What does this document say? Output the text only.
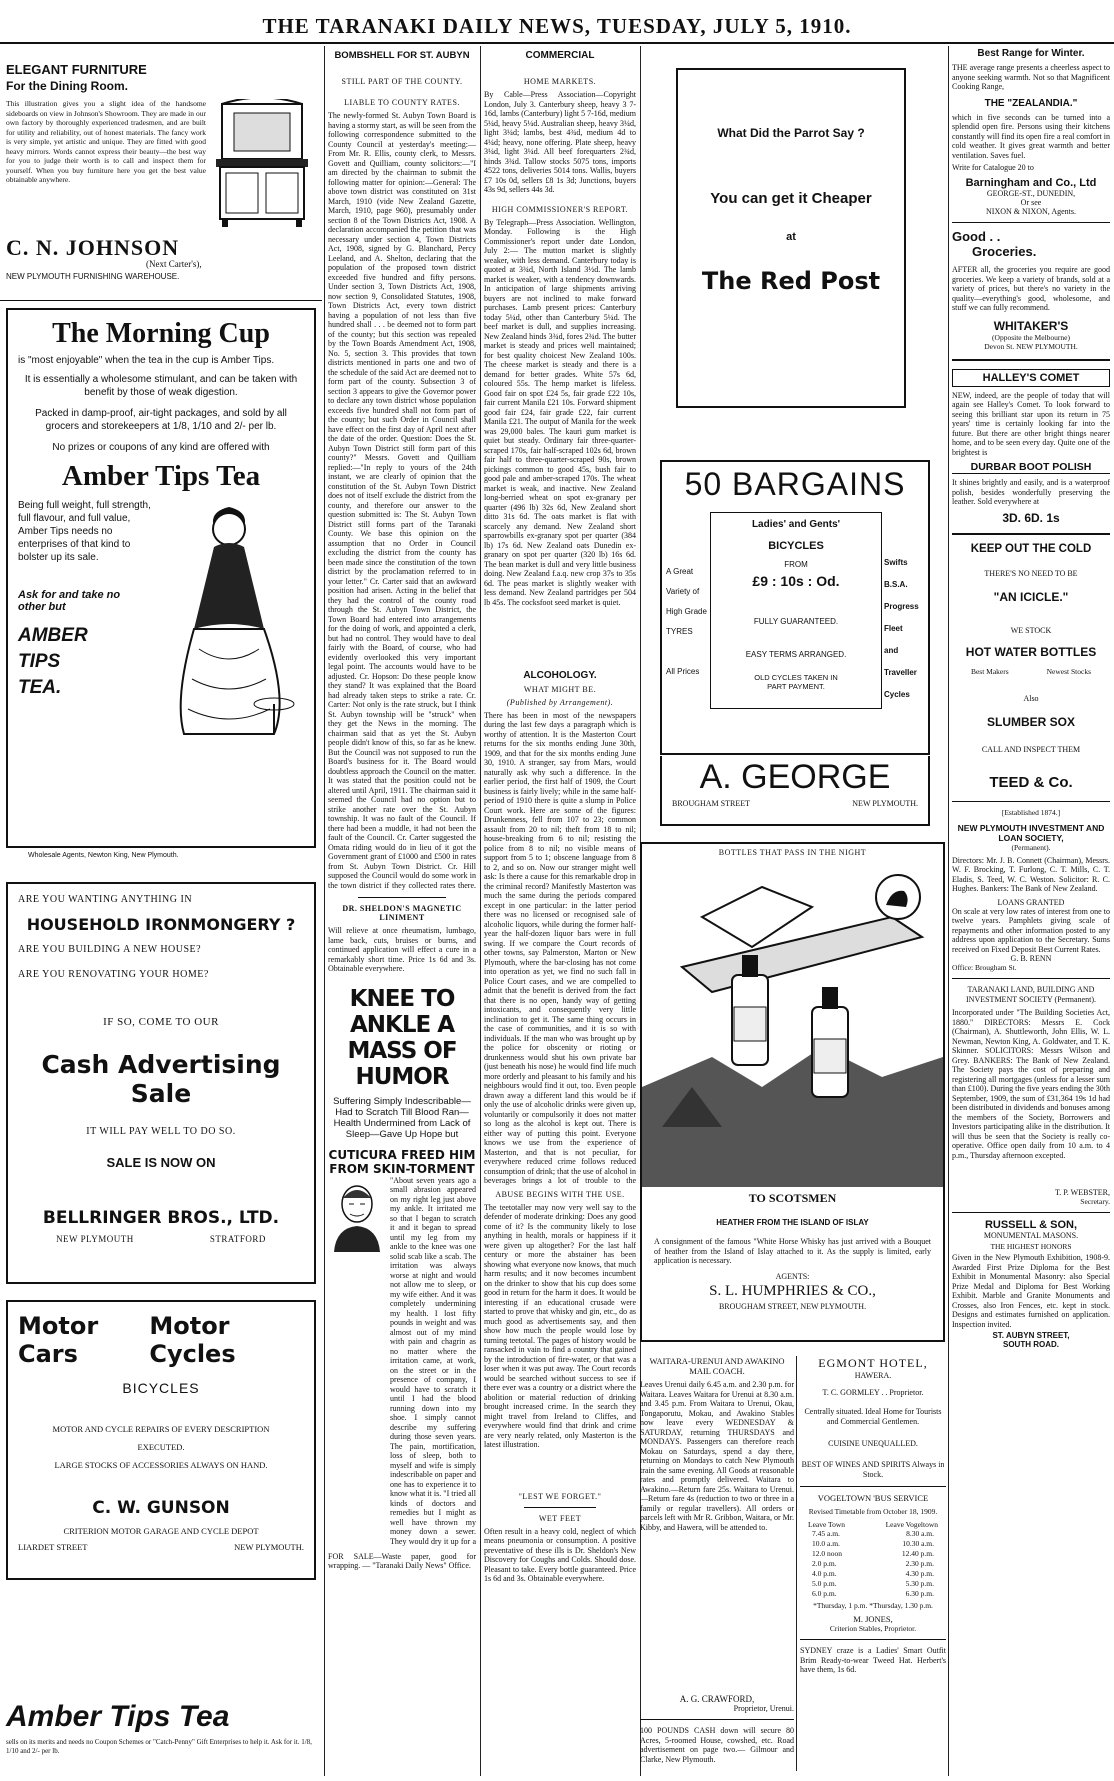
THE TARANAKI DAILY NEWS, TUESDAY, JULY 5, 1910.
ELEGANT FURNITURE
For the Dining Room.
This illustration gives you a slight idea of the handsome sideboards on view in Johnson's Showroom. They are made in our own factory by thoroughly experienced tradesmen, and are built for utility and reliability, out of honest materials. The fancy work is very simple, yet artistic and unique. They are fitted with good heavy mirrors. Words cannot express their beauty—the best way for you to judge their worth is to call and inspect them for yourself. When you buy furniture here you get the best value obtainable anywhere.
C. N. JOHNSON
(Next Carter's),
NEW PLYMOUTH FURNISHING WAREHOUSE.
The Morning Cup
is "most enjoyable" when the tea in the cup is Amber Tips.
It is essentially a wholesome stimulant, and can be taken with benefit by those of weak digestion.
Packed in damp-proof, air-tight packages, and sold by all grocers and storekeepers at 1/8, 1/10 and 2/- per lb.
No prizes or coupons of any kind are offered with
Amber Tips Tea
Being full weight, full strength, full flavour, and full value, Amber Tips needs no enterprises of that kind to bolster up its sale.
Ask for and take no other but
AMBER
TIPS
TEA.
Wholesale Agents, Newton King, New Plymouth.
ARE YOU WANTING ANYTHING IN
HOUSEHOLD IRONMONGERY ?
ARE YOU BUILDING A NEW HOUSE?
ARE YOU RENOVATING YOUR HOME?
IF SO, COME TO OUR
Cash Advertising Sale
IT WILL PAY WELL TO DO SO.
SALE IS NOW ON
BELLRINGER BROS., LTD.
NEW PLYMOUTH	STRATFORD
Motor Cars
Motor Cycles
BICYCLES
MOTOR AND CYCLE REPAIRS OF EVERY DESCRIPTION
EXECUTED.
LARGE STOCKS OF ACCESSORIES ALWAYS ON HAND.
C. W. GUNSON
CRITERION MOTOR GARAGE AND CYCLE DEPOT
LIARDET STREET	NEW PLYMOUTH.
Amber Tips Tea
sells on its merits and needs no Coupon Schemes or "Catch-Penny" Gift Enterprises to help it. Ask for it. 1/8, 1/10 and 2/- per lb.
BOMBSHELL FOR ST. AUBYN
STILL PART OF THE COUNTY.
LIABLE TO COUNTY RATES.
The newly-formed St. Aubyn Town Board is having a stormy start, as will be seen from the following correspondence submitted to the County Council at yesterday's meeting:— From Mr. R. Ellis, county clerk, to Messrs. Govett and Quilliam, county solicitors:—"I am directed by the chairman to submit the following matter for opinion:—General: The above town district was constituted on 31st March, 1910 (vide New Zealand Gazette, March, 1910, page 960), presumably under section 8 of the Town Districts Act, 1908. A declaration accompanied the petition that was necessary under section 4, Town Districts Act, 1908, signed by G. Blanchard, Percy Leeland, and A. Shelton, declaring that the population of the proposed town district exceeded five hundred and fifty persons. Under section 3, Town Districts Act, 1908, now section 9, Consolidated Statutes, 1908, Town Districts Act, every town district having a population of not less than five hundred shall . . . be deemed not to form part of the county; but this section was repealed by the Town Boards Amendment Act, 1908, No. 5, section 3. This provides that town districts mentioned in parts one and two of the schedule of the said Act are deemed not to form part of the county. Subsection 3 of section 3 appears to give the Governor power to declare any town district whose population exceeds five hundred shall not form part of the county; but such Order in Council shall have effect on the first day of April next after the date of the order. Question: Does the St. Aubyn Town District still form part of this county?" Messrs. Govett and Quilliam replied:—"In reply to yours of the 24th instant, we are clearly of opinion that the constitution of the St. Aubyn Town District does not of itself exclude the district from the county, and therefore our answer to the question submitted is: The St. Aubyn Town District still forms part of the Taranaki County. We base this opinion on the assumption that no Order in Council excluding the district from the county has been made since the constitution of the town district by the proclamation referred to in your letter." Cr. Carter said that an awkward position had arisen. Acting in the belief that they had the control of the county road through the St. Aubyn Town District, the Town Board had entered into arrangements for the doing of work, and appointed a clerk, but had no control. They would have to deal fairly with the Board, of course, who had evidently overlooked this very important legal point. The accounts would have to be adjusted. Cr. Hopson: Do these people know they stand? It was explained that the Board had already taken steps to strike a rate. Cr. Carter: Not only is the rate struck, but I think St. Aubyn township will be "struck" when they get the News in the morning. The chairman said that as yet the St. Aubyn people didn't know of this, so far as he knew. But the Council was not supposed to run the Board's business for it. The Board would doubtless approach the Council on the matter. It was stated that the position could not be altered until April, 1911. The chairman said it seemed the Council had no option but to strike another rate over the St. Aubyn township. It was no fault of the Council. If there had been a muddle, it had not been the fault of the Council. Cr. Carter suggested the Omata riding would do in lieu of it got the Government grant of £1000 and £500 in rates from St. Aubyn Town District. Cr. Hill supposed the Council would do some work in the town district if they collected rates there.
DR. SHELDON'S MAGNETIC LINIMENT
Will relieve at once rheumatism, lumbago, lame back, cuts, bruises or burns, and continued application will effect a cure in a remarkably short time. Price 1s 6d and 3s. Obtainable everywhere.
KNEE TO ANKLE A
MASS OF HUMOR
Suffering Simply Indescribable—Had to Scratch Till Blood Ran—Health Undermined from Lack of Sleep—Gave Up Hope but
CUTICURA FREED HIM
FROM SKIN-TORMENT
"About seven years ago a small abrasion appeared on my right leg just above my ankle. It irritated me so that I began to scratch it and it began to spread until my leg from my ankle to the knee was one solid scab like a scab. The irritation was always worse at night and would not allow me to sleep, or my wife either. And it was completely undermining my health. I lost fifty pounds in weight and was almost out of my mind with pain and chagrin as no matter where the irritation came, at work, on the street or in the presence of company, I would have to scratch it until I had the blood running down into my shoe. I simply cannot describe my suffering during those seven years. The pain, mortification, loss of sleep, both to myself and wife is simply indescribable on paper and one has to experience it to know what it is. "I tried all kinds of doctors and remedies but I might as well have thrown my money down a sewer. They would dry it up for a
FOR SALE—Waste paper, good for wrapping. — "Taranaki Daily News" Office.
COMMERCIAL
HOME MARKETS.
By Cable—Press Association—Copyright London, July 3. Canterbury sheep, heavy 3 7-16d, lambs (Canterbury) light 5 7-16d, medium 5¼d, heavy 5¼d. Australian sheep, heavy 3¼d, light 3¼d; lambs, best 4¾d, medium 4d to 4¼d; heavy, none offering. Plate sheep, heavy 3¼d, light 3¼d. All beef forequarters 2¾d, hinds 3¾d. Tallow stocks 5075 tons, imports 4522 tons, deliveries 5014 tons. Wallis, buyers £7 10s 0d, sellers £8 1s 3d; Junctions, buyers 43s 9d, sellers 44s 3d.
HIGH COMMISSIONER'S REPORT.
By Telegraph—Press Association. Wellington, Monday. Following is the High Commissioner's report under date London, July 2:— The mutton market is slightly weaker, with less demand. Canterbury today is quoted at 3¾d, North Island 3½d. The lamb market is weaker, with a tendency downwards. In anticipation of large shipments arriving buyers are not inclined to make forward purchases. Lamb present prices: Canterbury today 5¼d, other than Canterbury 5¼d. The beef market is dull, and supplies increasing. New Zealand hinds 3¾d, fores 2¾d. The butter market is steady and prices well maintained; for best quality choicest New Zealand 100s. The cheese market is steady and there is a demand for better grades. White 57s 6d, coloured 55s. The hemp market is lifeless. Good fair on spot £24 5s, fair grade £22 10s, fair current Manila £21 10s. Forward shipment good fair £24, fair grade £22, fair current Manila £21. The output of Manila for the week was 29,000 bales. The kauri gum market is quiet but steady. Ordinary fair three-quarter-scraped 170s, fair half-scraped 102s 6d, brown fair half to three-quarter-scraped 90s, brown pickings common to good 45s, bush fair to good pale and amber-scraped 170s. The wheat market is weak, and inactive. New Zealand long-berried wheat on spot ex-granary per quarter (496 lb) 32s 6d, New Zealand short ditto 31s 6d. The oats market is flat with scarcely any demand. New Zealand short sparrowbills ex-granary spot per quarter (384 lb) 17s 6d. New Zealand oats Dunedin ex-granary on spot per quarter (320 lb) 16s 6d. The bean market is dull and very little business doing. New Zealand f.a.q. new crop 37s to 35s 6d. The peas market is slightly weaker with less demand. New Zealand partridges per 504 lb 45s. The cocksfoot seed market is quiet.
ALCOHOLOGY.
WHAT MIGHT BE.
(Published by Arrangement).
There has been in most of the newspapers during the last few days a paragraph which is worthy of attention. It is the Masterton Court returns for the six months ending June 30th, 1909, and that for the six months ending June 30, 1910. A stranger, say from Mars, would naturally ask why such a difference. In the earlier period, the first half of 1909, the Court business is fairly lively; while in the same half-period of 1910 there is quite a slump in Police Court work. Here are some of the figures: Drunkenness, fell from 107 to 23; common assault from 20 to nil; theft from 18 to nil; house-breaking from 6 to nil; resisting the police from 8 to nil; no visible means of support from 5 to 1; obscene language from 8 to 2, and so on. Now our stranger might well ask: Is there a cause for this remarkable drop in the criminal record? Manifestly Masterton was much the same during the periods compared except in one particular: in the latter period there was no licensed or recognised sale of alcoholic liquors, while during the former half-year the half-dozen liquor bars were in full swing. If we compare the Court records of other towns, say Palmerston, Marton or New Plymouth, where the bar-closing has not come into operation as yet, we find no such fall in Police Court cases, and we are compelled to admit that the benefit is derived from the fact that there is no open, handy way of getting intoxicants, and consequently very little inclination to get it. The same thing occurs in the case of communities, and it is so with individuals. If the man who was brought up by the police for obscenity or rioting or drunkenness would shut his own private bar (just beneath his nose) he would find life much more orderly and pleasant to his family and his neighbours would find it out, too. Even people drawn away a different land this would be if only the use of alcoholic drinks were given up, voluntarily or compulsorily it does not matter so long as the alcohol is kept out. There is either way of putting this point. Everyone knows we use from the experience of Masterton, and that is not peculiar, for everywhere reduced crime follows reduced consumption of drink; that the use of alcohol in beverages brings a lot of trouble to the
ABUSE BEGINS WITH THE USE.
The teetotaller may now very well say to the defender of moderate drinking: Does any good come of it? Is the community likely to lose anything in health, morals or happiness if it were given up altogether? For the last half century or more the abstainer has been showing what everyone now knows, that much harm results; and it now becomes incumbent on the drinker to show that his cup does some good in return for the harm it does. It would be interesting if an educational crusade were started to prove that whisky and gin, etc., do as much good as advertisements say, and then show how much the people would lose by turning teetotal. The pages of history would be ransacked in vain to find a country that gained by the introduction of fire-water, or that was a loser when it was put away. The Court records would be searched without success to see if there ever was a country or a district where the abolition or material reduction of drinking brought increased crime. In the search they might travel from Ireland to Cliffes, and everywhere would find that drink and crime are very nearly related, only Masterton is the latest illustration.
"LEST WE FORGET."
WET FEET
Often result in a heavy cold, neglect of which means pneumonia or consumption. A positive preventative of these ills is Dr. Sheldon's New Discovery for Coughs and Colds. Should dose. Pleasant to take. Every bottle guaranteed. Price 1s 6d and 3s. Obtainable everywhere.
What Did the Parrot Say ?
You can get it Cheaper
at
The Red Post
50 BARGAINS
Ladies' and Gents'
BICYCLES
FROM
£9 : 10s : Od.
FULLY GUARANTEED.
EASY TERMS ARRANGED.
OLD CYCLES TAKEN IN
PART PAYMENT.
A Great
Variety of
High Grade
TYRES
All Prices
Swifts
B.S.A.
Progress
Fleet
and
Traveller
Cycles
A. GEORGE
BROUGHAM STREET	NEW PLYMOUTH.
BOTTLES THAT PASS IN THE NIGHT
TO SCOTSMEN
HEATHER FROM THE ISLAND OF ISLAY
A consignment of the famous "White Horse Whisky has just arrived with a Bouquet of heather from the Island of Islay attached to it. As the supply is limited, early application is necessary.
AGENTS:
S. L. HUMPHRIES & CO.,
BROUGHAM STREET, NEW PLYMOUTH.
WAITARA-URENUI AND AWAKINO MAIL COACH.
Leaves Urenui daily 6.45 a.m. and 2.30 p.m. for Waitara. Leaves Waitara for Urenui at 8.30 a.m. and 3.45 p.m. From Waitara to Urenui, Okau, Tongaporutu, Mokau, and Awakino Stables now leave every WEDNESDAY & SATURDAY, returning THURSDAYS and MONDAYS. Passengers can therefore reach Mokau on Saturdays, spend a day there, returning on Mondays to catch New Plymouth train the same evening. All Goods at reasonable rates and promptly delivered. Waitara to Awakino.—Return fare 25s. Waitara to Urenui.—Return fare 4s (reduction to two or three in a family or regular travellers). All orders or parcels left with Mr R. Gribbon, Waitara, or Mr. Kibby, and Hawera, will be attended to.
A. G. CRAWFORD,
Proprietor, Urenui.
100 POUNDS CASH down will secure 80 Acres, 5-roomed House, cowshed, etc. Road advertisement on page two.— Gilmour and Clarke, New Plymouth.
EGMONT HOTEL,
HAWERA.
T. C. GORMLEY . . Proprietor.
Centrally situated. Ideal Home for Tourists and Commercial Gentlemen.
CUISINE UNEQUALLED.
BEST OF WINES AND SPIRITS Always in Stock.
VOGELTOWN 'BUS SERVICE
Revised Timetable from October 18, 1909.
Leave Town	Leave Vogeltown
7.45 a.m.	8.30 a.m.
10.0 a.m.	10.30 a.m.
12.0 noon	12.40 p.m.
2.0 p.m.	2.30 p.m.
4.0 p.m.	4.30 p.m.
5.0 p.m.	5.30 p.m.
6.0 p.m.	6.30 p.m.
*Thursday, 1 p.m. *Thursday, 1.30 p.m.
M. JONES,
Criterion Stables, Proprietor.
SYDNEY craze is a Ladies' Smart Outfit Brim Ready-to-wear Tweed Hat. Herbert's have them, 1s 6d.
Best Range for Winter.
THE average range presents a cheerless aspect to anyone seeking warmth. Not so that Magnificent Cooking Range,
THE "ZEALANDIA."
which in five seconds can be turned into a splendid open fire. Persons using their kitchens constantly will find its open fire a real comfort in cold weather. It gives great warmth and better ventilation. Saves fuel.
Write for Catalogue 20 to
Barningham and Co., Ltd
GEORGE-ST., DUNEDIN,
Or see
NIXON & NIXON, Agents.
Good . .
Groceries.
AFTER all, the groceries you require are good groceries. We keep a variety of brands, sold at a variety of prices, but there's no variety in the quality—everything's good, wholesome, and stuff we can fully recommend.
WHITAKER'S
(Opposite the Melbourne)
Devon St. NEW PLYMOUTH.
HALLEY'S COMET
NEW, indeed, are the people of today that will again see Halley's Comet. To look forward to seeing this brilliant star upon its return in 75 years' time is certainly looking far into the future. But there are other bright things nearer home, and to be seen every day. Quite one of the brightest is
DURBAR BOOT POLISH
It shines brightly and easily, and is a waterproof polish, besides wonderfully preserving the leather. Sold everywhere at
3D. 6D. 1s
KEEP OUT THE COLD
THERE'S NO NEED TO BE
"AN ICICLE."
WE STOCK
HOT WATER BOTTLES
Best Makers	Newest Stocks
Also
SLUMBER SOX
CALL AND INSPECT THEM
TEED & Co.
[Established 1874.]
NEW PLYMOUTH INVESTMENT AND LOAN SOCIETY,
(Permanent).
Directors: Mr. J. B. Connett (Chairman), Messrs. W. F. Brocking, T. Furlong, C. T. Mills, C. T. Eladis, S. Teed, W. C. Weston. Solicitor: R. C. Hughes. Bankers: The Bank of New Zealand.
LOANS GRANTED
On scale at very low rates of interest from one to twelve years. Pamphlets giving scale of repayments and other information posted to any address upon application to the Secretary. Sums received on Fixed Deposit Best Current Rates.
G. B. RENN
Office: Brougham St.
TARANAKI LAND, BUILDING AND INVESTMENT SOCIETY (Permanent).
Incorporated under "The Building Societies Act, 1880." DIRECTORS: Messrs E. Cock (Chairman), A. Shuttleworth, John Ellis, W. L. Newman, Newton King, A. Goldwater, and T. K. Skinner. SOLICITORS: Messrs Wilson and Grey. BANKERS: The Bank of New Zealand. The Society pays the cost of preparing and registering all mortgages (unless for a lesser sum than £100). During the five years ending the 30th September, 1909, the sum of £31,364 19s 1d had been distributed in dividends and bonuses among the members of the Society, Borrowers and Investors participating alike in the distribution. It will thus be seen that the Society is really co-operative. Office open daily from 10 a.m. to 4 p.m., Thursday afternoon excepted.
T. P. WEBSTER,
Secretary.
RUSSELL & SON,
MONUMENTAL MASONS.
THE HIGHEST HONORS
Given in the New Plymouth Exhibition, 1908-9. Awarded First Prize Diploma for the Best Exhibit in Monumental Masonry: also Special Prize Medal and Diploma for Best Working Exhibit. Marble and Granite Monuments and Crosses, also Iron Fences, etc. kept in stock. Designs and estimates furnished on application. Inspection invited.
ST. AUBYN STREET,
SOUTH ROAD.
